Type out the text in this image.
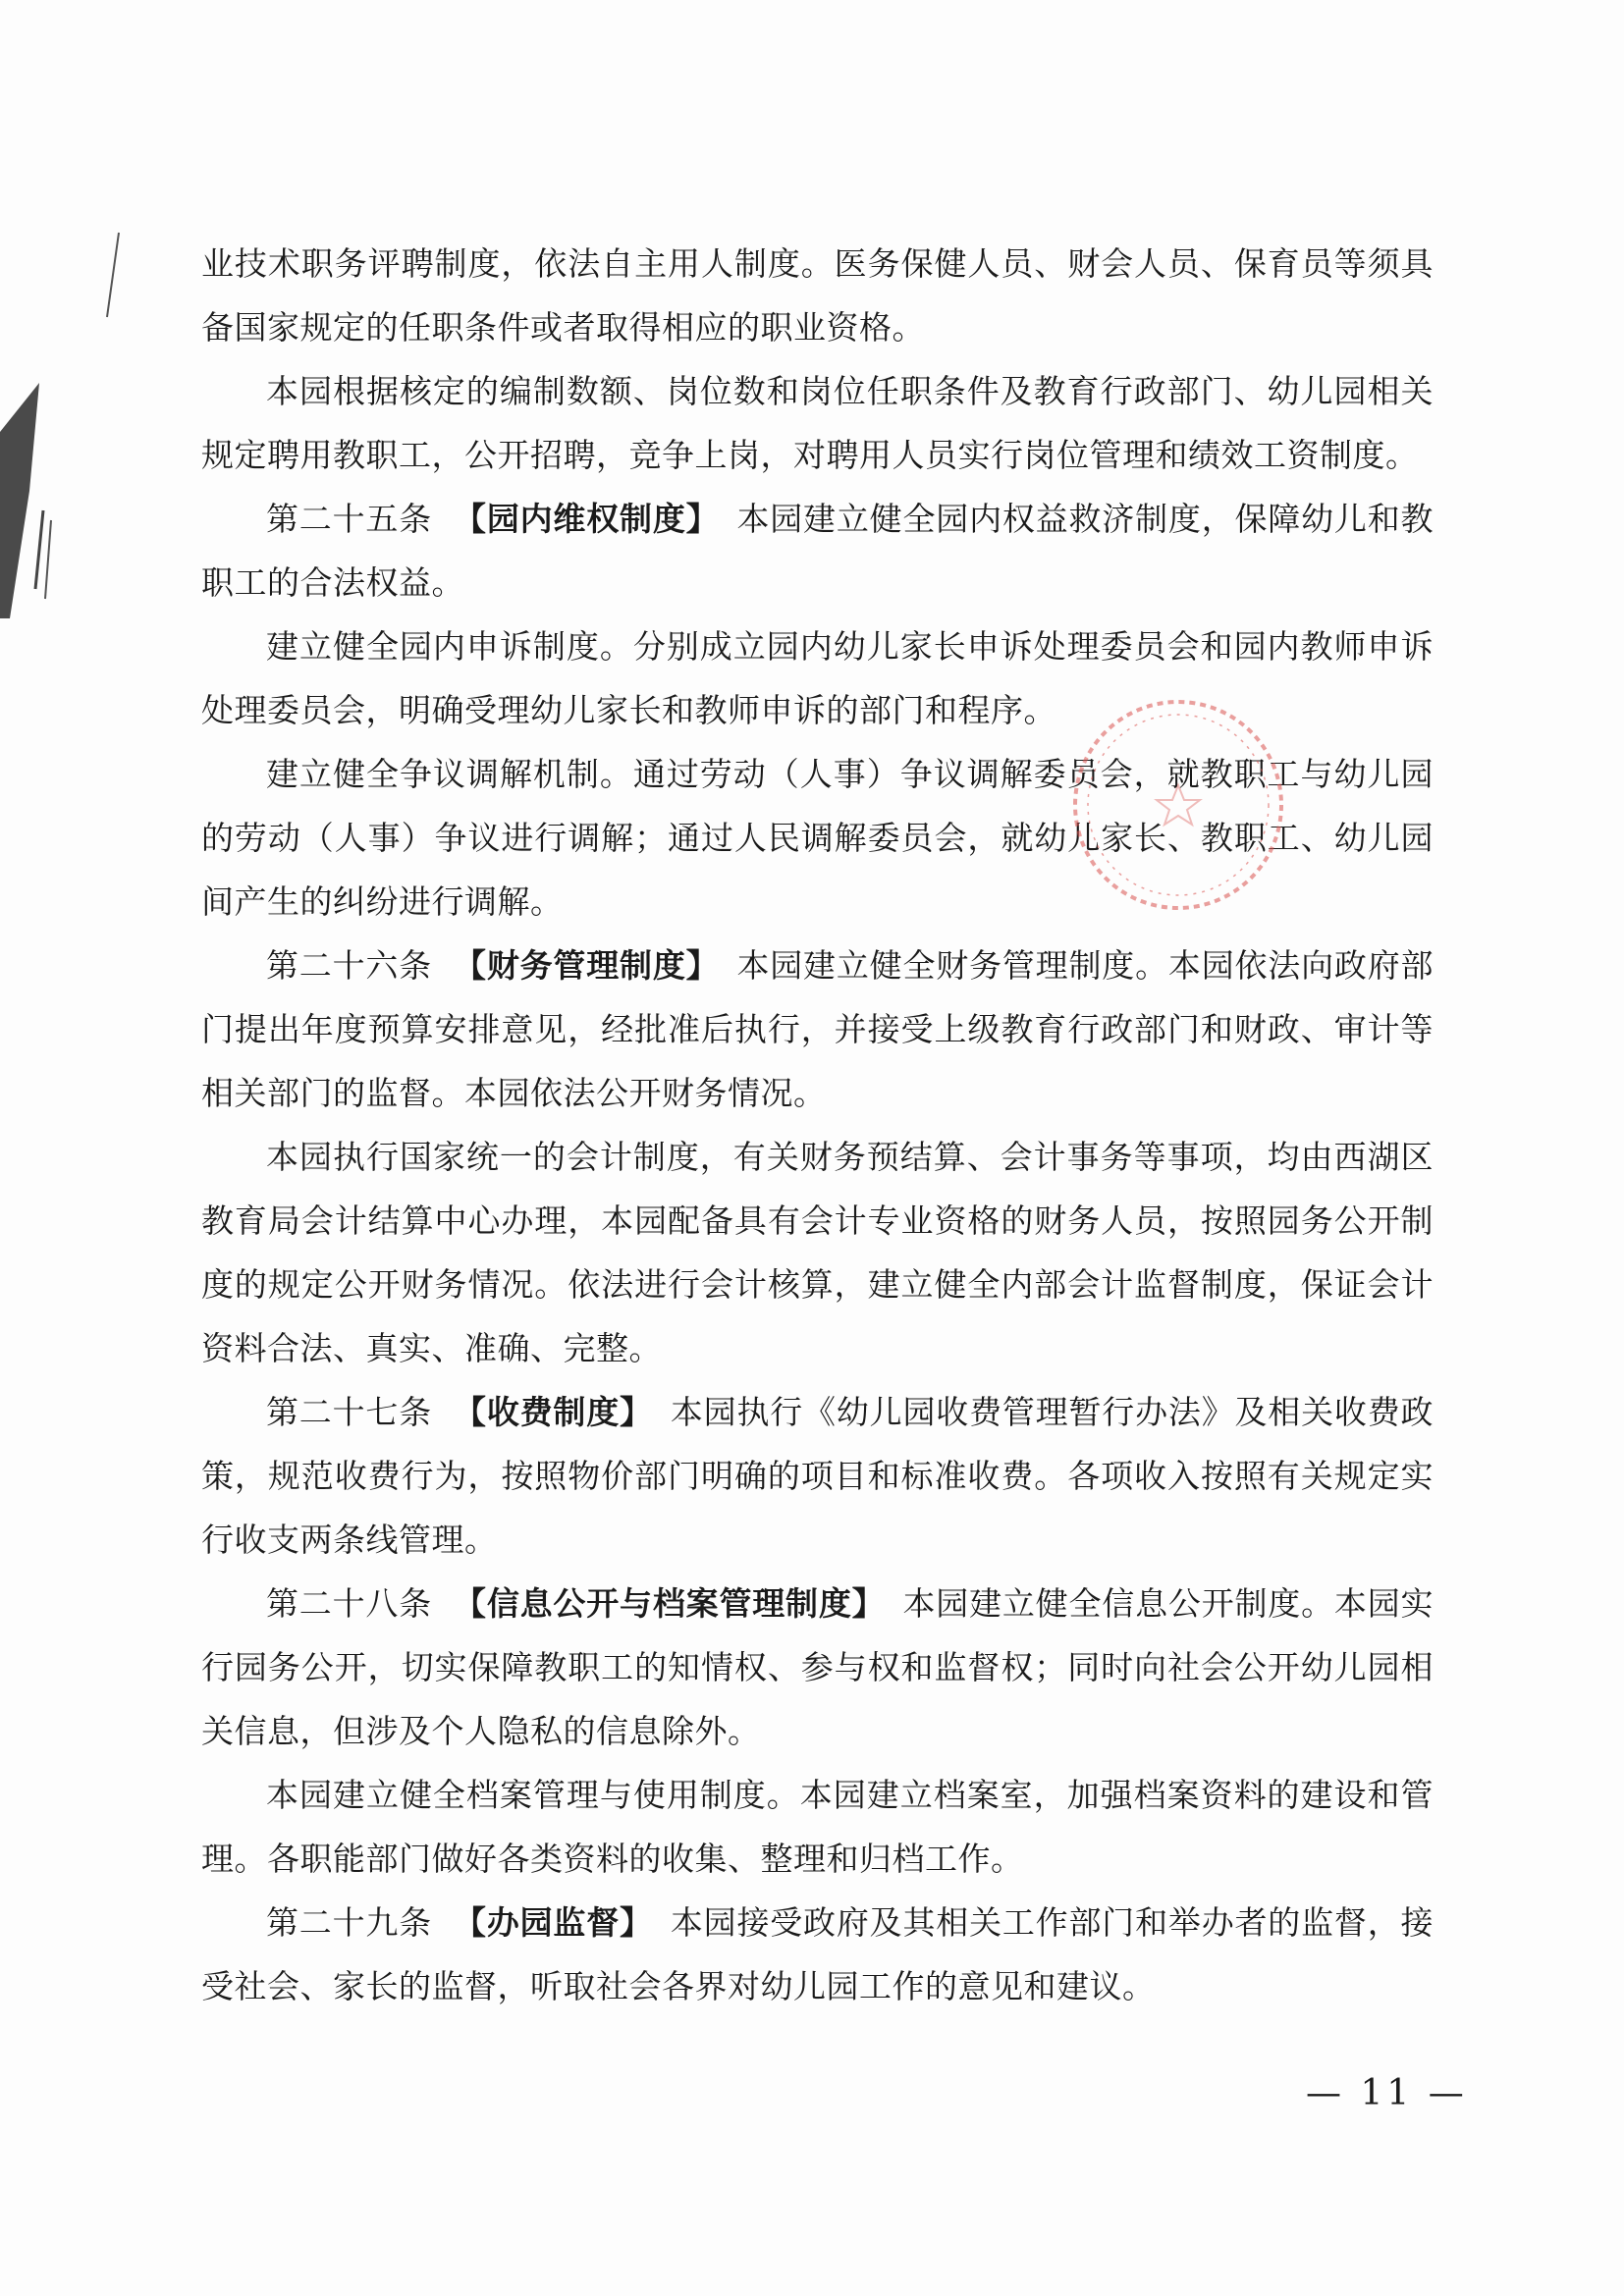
业技术职务评聘制度，依法自主用人制度。医务保健人员、财会人员、保育员等须具备国家规定的任职条件或者取得相应的职业资格。

本园根据核定的编制数额、岗位数和岗位任职条件及教育行政部门、幼儿园相关规定聘用教职工，公开招聘，竞争上岗，对聘用人员实行岗位管理和绩效工资制度。

第二十五条 【园内维权制度】 本园建立健全园内权益救济制度，保障幼儿和教职工的合法权益。

建立健全园内申诉制度。分别成立园内幼儿家长申诉处理委员会和园内教师申诉处理委员会，明确受理幼儿家长和教师申诉的部门和程序。

建立健全争议调解机制。通过劳动（人事）争议调解委员会，就教职工与幼儿园的劳动（人事）争议进行调解；通过人民调解委员会，就幼儿家长、教职工、幼儿园间产生的纠纷进行调解。

第二十六条 【财务管理制度】 本园建立健全财务管理制度。本园依法向政府部门提出年度预算安排意见，经批准后执行，并接受上级教育行政部门和财政、审计等相关部门的监督。本园依法公开财务情况。

本园执行国家统一的会计制度，有关财务预结算、会计事务等事项，均由西湖区教育局会计结算中心办理，本园配备具有会计专业资格的财务人员，按照园务公开制度的规定公开财务情况。依法进行会计核算，建立健全内部会计监督制度，保证会计资料合法、真实、准确、完整。

第二十七条 【收费制度】 本园执行《幼儿园收费管理暂行办法》及相关收费政策，规范收费行为，按照物价部门明确的项目和标准收费。各项收入按照有关规定实行收支两条线管理。

第二十八条 【信息公开与档案管理制度】 本园建立健全信息公开制度。本园实行园务公开，切实保障教职工的知情权、参与权和监督权；同时向社会公开幼儿园相关信息，但涉及个人隐私的信息除外。

本园建立健全档案管理与使用制度。本园建立档案室，加强档案资料的建设和管理。各职能部门做好各类资料的收集、整理和归档工作。

第二十九条 【办园监督】 本园接受政府及其相关工作部门和举办者的监督，接受社会、家长的监督，听取社会各界对幼儿园工作的意见和建议。

— 11 —
